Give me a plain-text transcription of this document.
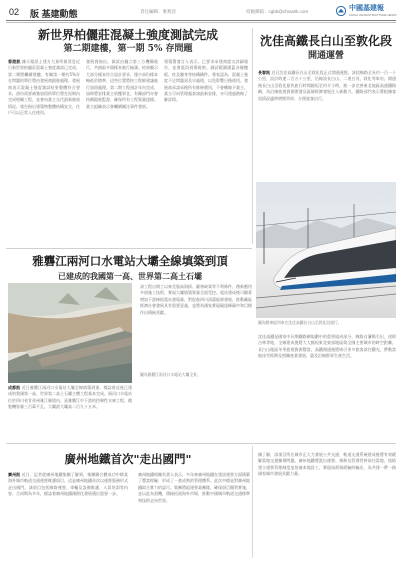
02 版 基建動態	責任編輯：麥燕容	投稿郵箱：cgbb@chinahk.com	中國基建報
CHINA INFRASTRUCTURE NEWS
新世界柏儷莊混凝土強度測試完成
第二期建樓，第一期 5% 存問題
香港訊 據天報訊土建方大界所報消息近日新世界柏儷莊混凝土強度測試已完成，第二期將繼續建樓，有關第一期約5%存在問題的單位將由發展商跟進處理。發展商表示混凝土強度測試結果整體符合要求，部份需要補強加固的單位將在短期內完成相關工程，並會向業主交代最新進展情況。報告指出建築物整體結構安全，住戶可以正常入住使用。
發展商指出，測試由獨立第三方機構進行，共抽取多個樣本進行檢測。結果顯示大部分樣本符合設計要求，僅少部份樣本略低於標準，這些位置將按工程師建議進行加固處理。第二期工程預計年內完成，屆時將安排業主收樓事宜。有關部門亦會持續跟進監督，確保所有工程質量達標。業主組織表示會繼續關注事件發展。
建築署發言人表示，已要求承建商提交詳細報告，並會派員到場視察。測試範圍涵蓋各層樓板、柱及牆身等結構構件。專家認為，混凝土強度不足問題須及早處理，以免影響日後使用。發展商承諾承擔所有維修費用，不會轉嫁予業主。業主可向管理處查詢最新安排，亦可透過熱線了解詳情。
沈佳高鐵長白山至敦化段
開通運營
長春訊 近日沈佳高鐵長白山至敦化段正式開通運營。該段線路全長約一百一十公里，設計時速二百五十公里，沿線設長白山、二道白河、敦化等車站。開通後長白山至敦化最快旅行時間縮短至約半小時，進一步完善東北地區高速鐵路網，為沿線旅遊資源開發及區域經濟發展注入新動力。鐵路部門表示將根據客流情況適時增開列車，方便旅客出行。
圖為動車組列車在沈佳高鐵長白山至敦化段運行。
沈佳高鐵是國家中長期鐵路網規劃中的重要組成部分，線路自瀋陽引出，途經吉林等地，全線建成後將大大縮短東北東部地區與全國主要城市的時空距離。長白山地區冬季旅遊資源豐富，高鐵開通後將吸引更多旅客前往觀光，帶動當地冰雪經濟及相關產業發展，惠及沿線群眾生產生活。
雅礱江兩河口水電站大壩全線填築到頂
已建成的我國第一高、世界第二高土石壩
成都訊 近日雅礱江兩河口水電站大壩全線填築到頂，標誌着這座已建成的我國第一高、世界第二高土石壩主體工程基本完成。兩河口水電站位於四川省甘孜州雅江縣境內，是雅礱江中下游的控制性水庫工程，總裝機容量三百萬千瓦，大壩最大壩高二百九十五米。
該工程自開工以來克服高海拔、嚴寒缺氧等不利條件，創新應用多項施工技術，實現大壩填築質量全面受控。電站建成後可顯著增加下游梯級電站發電量，對促進四川清潔能源發展、推動藏區經濟社會發展具有重要意義，並將為國家實現碳達峰碳中和目標作出積極貢獻。
圖為雅礱江兩河口水電站大壩全景。
廣州地鐵首次"走出國門"
廣州訊 近日，記者從廣州地鐵集團了解到，集團聯合體成功中標某海外城市軌道交通運營維護項目，這是廣州地鐵首次以運營服務形式走出國門。該項目包括線路運營、車輛及設備維護、人員培訓等內容，合同期為多年，標誌着廣州地鐵國際化發展邁出重要一步。
廣州地鐵相關負責人表示，多年來廣州地鐵在建設運營方面積累了豐富經驗，形成了一套成熟的管理體系。此次中標是對廣州地鐵綜合實力的認可。集團將組建專業團隊，確保項目順利實施，並以此為契機，積極拓展海外市場，推動中國城市軌道交通標準和技術走向世界。
據了解，該項目所在城市正大力發展公共交通，軌道交通系統建成後將有效緩解當地交通擁堵問題。廣州地鐵將派出運營、維修及管理骨幹前往當地，協助建立運營管理制度並培養本地員工，實現技術與經驗的輸出，為共建一帶一路國家城市發展貢獻力量。
